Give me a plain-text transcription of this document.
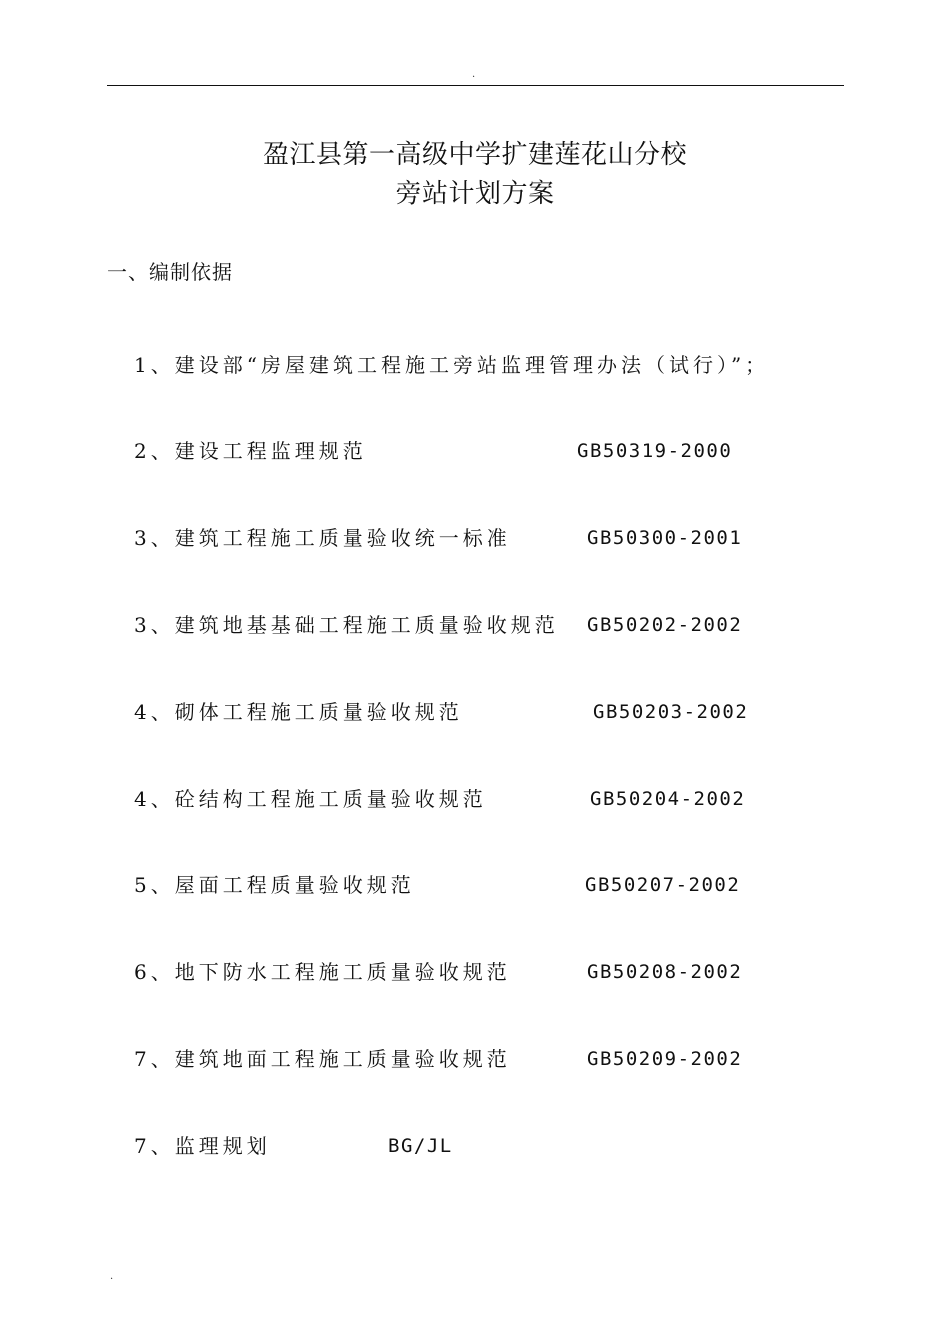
.
盈江县第一高级中学扩建莲花山分校
旁站计划方案
一、编制依据
1、建设部“房屋建筑工程施工旁站监理管理办法（试行）”；
2、建设工程监理规范	GB50319-2000
3、建筑工程施工质量验收统一标准	GB50300-2001
3、建筑地基基础工程施工质量验收规范 GB50202-2002
4、砌体工程施工质量验收规范	GB50203-2002
4、砼结构工程施工质量验收规范	GB50204-2002
5、屋面工程质量验收规范	GB50207-2002
6、地下防水工程施工质量验收规范	GB50208-2002
7、建筑地面工程施工质量验收规范	GB50209-2002
7、监理规划	BG/JL
.
